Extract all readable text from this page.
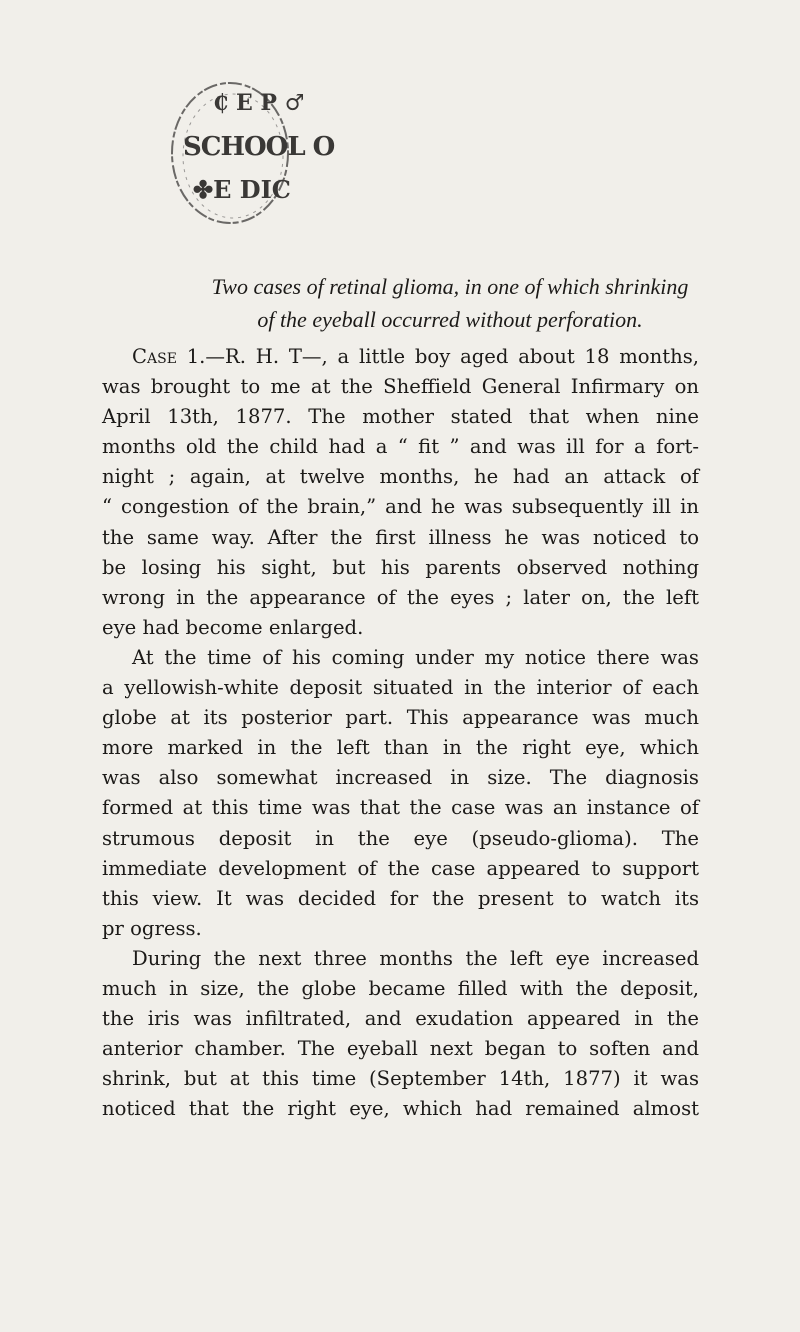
₵ E P ♂
SCHOOL O
✤E DIC
SCHOOL OF MEDICINE
Two cases of retinal glioma, in one of which shrinking
of the eyeball occurred without perforation.
Case 1.—R. H. T—, a little boy aged about 18 months,
was brought to me at the Sheffield General Infirmary on
April 13th, 1877. The mother stated that when nine
months old the child had a “ fit ” and was ill for a fort-
night ; again, at twelve months, he had an attack of
“ congestion of the brain,” and he was subsequently ill in
the same way. After the first illness he was noticed to
be losing his sight, but his parents observed nothing
wrong in the appearance of the eyes ; later on, the left
eye had become enlarged.
At the time of his coming under my notice there was
a yellowish-white deposit situated in the interior of each
globe at its posterior part. This appearance was much
more marked in the left than in the right eye, which
was also somewhat increased in size. The diagnosis
formed at this time was that the case was an instance of
strumous deposit in the eye (pseudo-glioma). The
immediate development of the case appeared to support
this view. It was decided for the present to watch its
pr ogress.
During the next three months the left eye increased
much in size, the globe became filled with the deposit,
the iris was infiltrated, and exudation appeared in the
anterior chamber. The eyeball next began to soften and
shrink, but at this time (September 14th, 1877) it was
noticed that the right eye, which had remained almost
